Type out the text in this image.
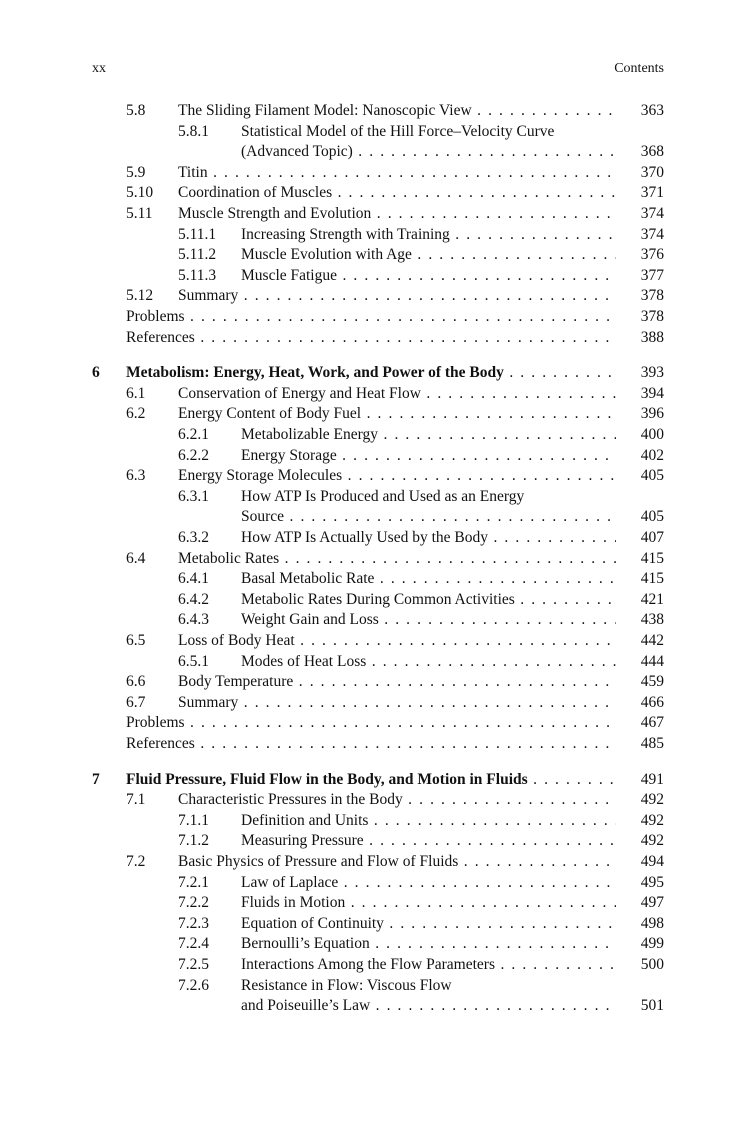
xx	Contents
5.8 The Sliding Filament Model: Nanoscopic View . . .	363
5.8.1 Statistical Model of the Hill Force–Velocity Curve
(Advanced Topic) . . .	368
5.9 Titin . . .	370
5.10 Coordination of Muscles . . .	371
5.11 Muscle Strength and Evolution . . .	374
5.11.1 Increasing Strength with Training . . .	374
5.11.2 Muscle Evolution with Age . . .	376
5.11.3 Muscle Fatigue . . .	377
5.12 Summary . . .	378
Problems . . .	378
References . . .	388
6 Metabolism: Energy, Heat, Work, and Power of the Body . . .	393
6.1 Conservation of Energy and Heat Flow . . .	394
6.2 Energy Content of Body Fuel . . .	396
6.2.1 Metabolizable Energy . . .	400
6.2.2 Energy Storage . . .	402
6.3 Energy Storage Molecules . . .	405
6.3.1 How ATP Is Produced and Used as an Energy
Source . . .	405
6.3.2 How ATP Is Actually Used by the Body . . .	407
6.4 Metabolic Rates . . .	415
6.4.1 Basal Metabolic Rate . . .	415
6.4.2 Metabolic Rates During Common Activities . . .	421
6.4.3 Weight Gain and Loss . . .	438
6.5 Loss of Body Heat . . .	442
6.5.1 Modes of Heat Loss . . .	444
6.6 Body Temperature . . .	459
6.7 Summary . . .	466
Problems . . .	467
References . . .	485
7 Fluid Pressure, Fluid Flow in the Body, and Motion in Fluids . . .	491
7.1 Characteristic Pressures in the Body . . .	492
7.1.1 Definition and Units . . .	492
7.1.2 Measuring Pressure . . .	492
7.2 Basic Physics of Pressure and Flow of Fluids . . .	494
7.2.1 Law of Laplace . . .	495
7.2.2 Fluids in Motion . . .	497
7.2.3 Equation of Continuity . . .	498
7.2.4 Bernoulli’s Equation . . .	499
7.2.5 Interactions Among the Flow Parameters . . .	500
7.2.6 Resistance in Flow: Viscous Flow
and Poiseuille’s Law . . .	501
